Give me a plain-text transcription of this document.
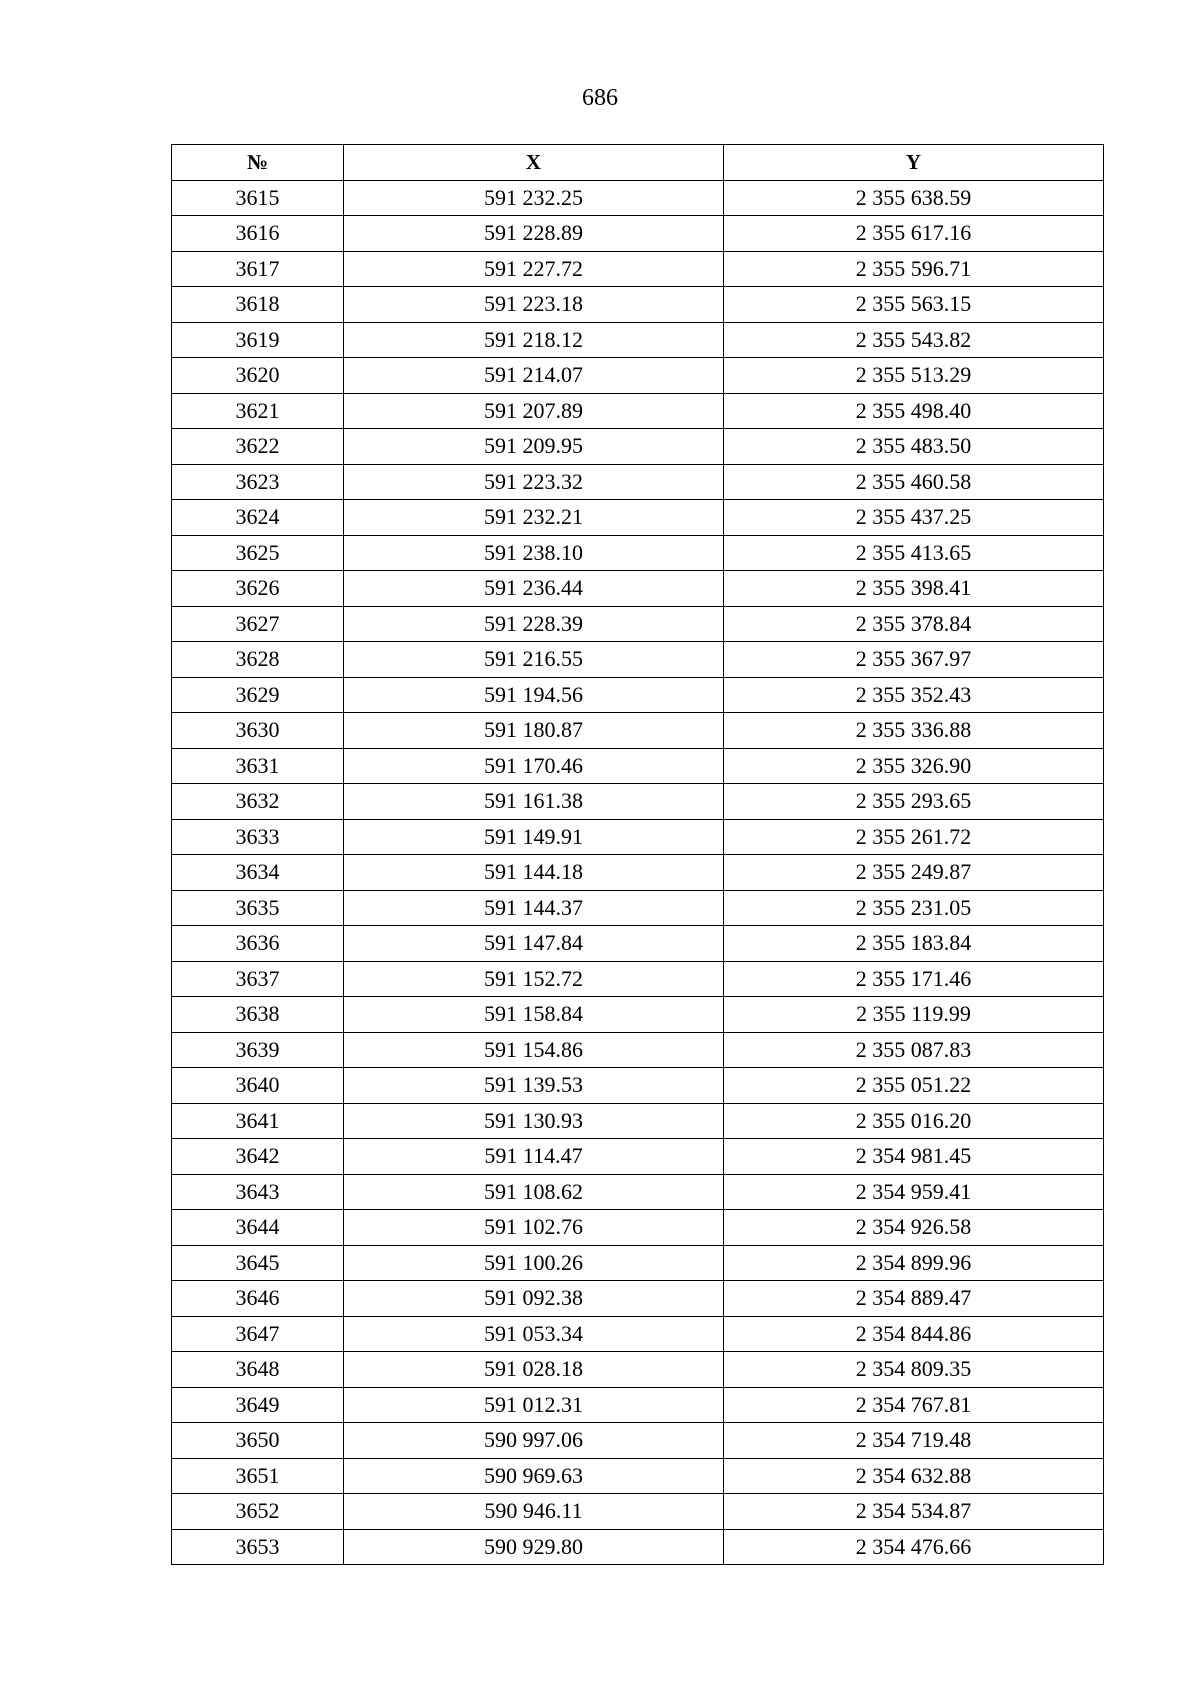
686
№	X	Y
3615	591 232.25	2 355 638.59
3616	591 228.89	2 355 617.16
3617	591 227.72	2 355 596.71
3618	591 223.18	2 355 563.15
3619	591 218.12	2 355 543.82
3620	591 214.07	2 355 513.29
3621	591 207.89	2 355 498.40
3622	591 209.95	2 355 483.50
3623	591 223.32	2 355 460.58
3624	591 232.21	2 355 437.25
3625	591 238.10	2 355 413.65
3626	591 236.44	2 355 398.41
3627	591 228.39	2 355 378.84
3628	591 216.55	2 355 367.97
3629	591 194.56	2 355 352.43
3630	591 180.87	2 355 336.88
3631	591 170.46	2 355 326.90
3632	591 161.38	2 355 293.65
3633	591 149.91	2 355 261.72
3634	591 144.18	2 355 249.87
3635	591 144.37	2 355 231.05
3636	591 147.84	2 355 183.84
3637	591 152.72	2 355 171.46
3638	591 158.84	2 355 119.99
3639	591 154.86	2 355 087.83
3640	591 139.53	2 355 051.22
3641	591 130.93	2 355 016.20
3642	591 114.47	2 354 981.45
3643	591 108.62	2 354 959.41
3644	591 102.76	2 354 926.58
3645	591 100.26	2 354 899.96
3646	591 092.38	2 354 889.47
3647	591 053.34	2 354 844.86
3648	591 028.18	2 354 809.35
3649	591 012.31	2 354 767.81
3650	590 997.06	2 354 719.48
3651	590 969.63	2 354 632.88
3652	590 946.11	2 354 534.87
3653	590 929.80	2 354 476.66
